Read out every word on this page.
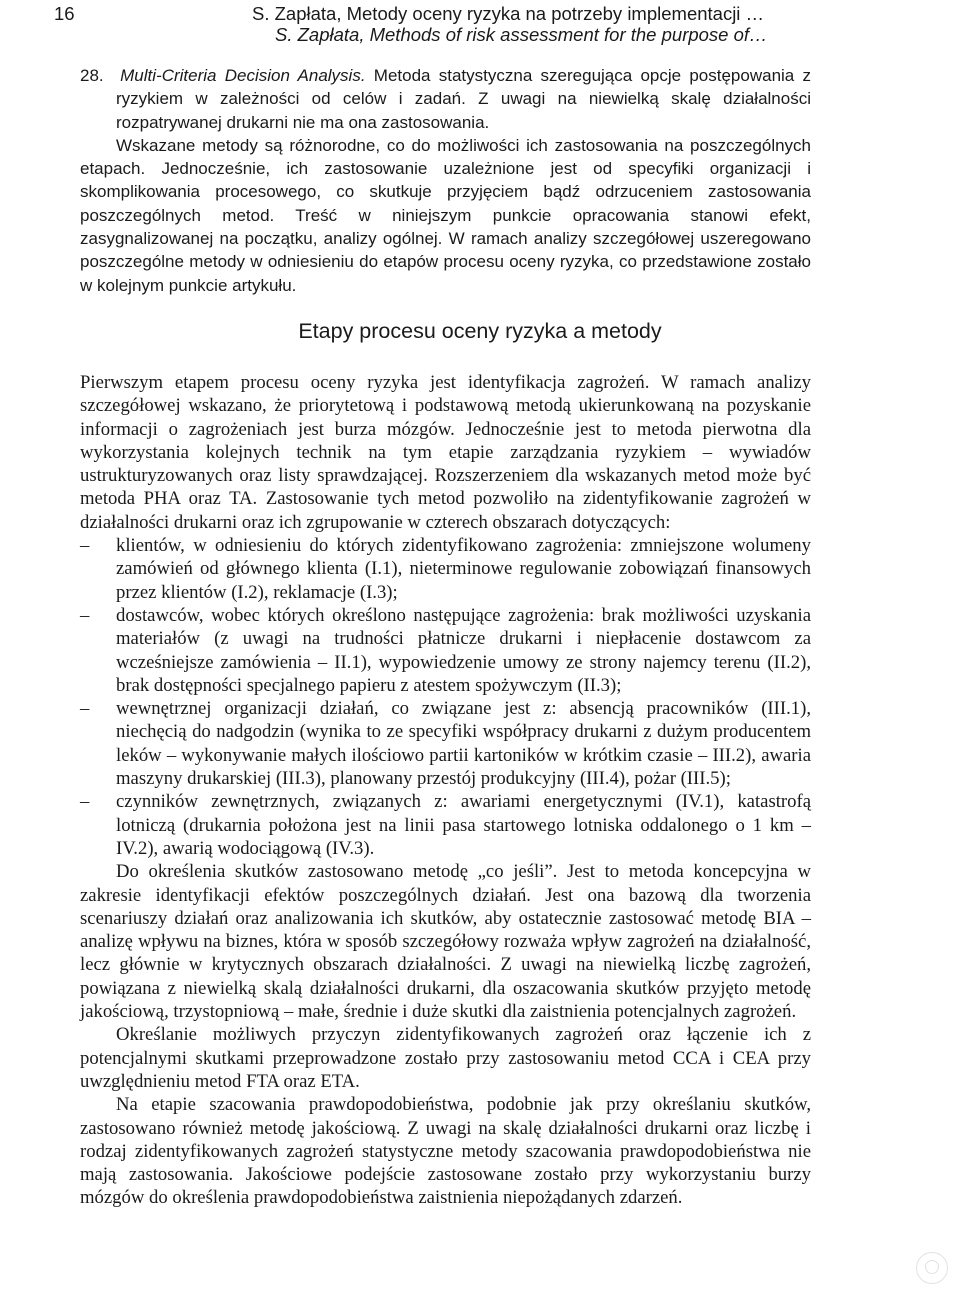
16	S. Zapłata, Metody oceny ryzyka na potrzeby implementacji …
S. Zapłata, Methods of risk assessment for the purpose of…

28. Multi-Criteria Decision Analysis. Metoda statystyczna szeregująca opcje postępowania z ryzykiem w zależności od celów i zadań. Z uwagi na niewielką skalę działalności rozpatrywanej drukarni nie ma ona zastosowania.

Wskazane metody są różnorodne, co do możliwości ich zastosowania na poszczególnych etapach. Jednocześnie, ich zastosowanie uzależnione jest od specyfiki organizacji i skomplikowania procesowego, co skutkuje przyjęciem bądź odrzuceniem zastosowania poszczególnych metod. Treść w niniejszym punkcie opracowania stanowi efekt, zasygnalizowanej na początku, analizy ogólnej. W ramach analizy szczegółowej uszeregowano poszczególne metody w odniesieniu do etapów procesu oceny ryzyka, co przedstawione zostało w kolejnym punkcie artykułu.

Etapy procesu oceny ryzyka a metody

Pierwszym etapem procesu oceny ryzyka jest identyfikacja zagrożeń. W ramach analizy szczegółowej wskazano, że priorytetową i podstawową metodą ukierunkowaną na pozyskanie informacji o zagrożeniach jest burza mózgów. Jednocześnie jest to metoda pierwotna dla wykorzystania kolejnych technik na tym etapie zarządzania ryzykiem – wywiadów ustrukturyzowanych oraz listy sprawdzającej. Rozszerzeniem dla wskazanych metod może być metoda PHA oraz TA. Zastosowanie tych metod pozwoliło na zidentyfikowanie zagrożeń w działalności drukarni oraz ich zgrupowanie w czterech obszarach dotyczących:

– klientów, w odniesieniu do których zidentyfikowano zagrożenia: zmniejszone wolumeny zamówień od głównego klienta (I.1), nieterminowe regulowanie zobowiązań finansowych przez klientów (I.2), reklamacje (I.3);
– dostawców, wobec których określono następujące zagrożenia: brak możliwości uzyskania materiałów (z uwagi na trudności płatnicze drukarni i niepłacenie dostawcom za wcześniejsze zamówienia – II.1), wypowiedzenie umowy ze strony najemcy terenu (II.2), brak dostępności specjalnego papieru z atestem spożywczym (II.3);
– wewnętrznej organizacji działań, co związane jest z: absencją pracowników (III.1), niechęcią do nadgodzin (wynika to ze specyfiki współpracy drukarni z dużym producentem leków – wykonywanie małych ilościowo partii kartoników w krótkim czasie – III.2), awaria maszyny drukarskiej (III.3), planowany przestój produkcyjny (III.4), pożar (III.5);
– czynników zewnętrznych, związanych z: awariami energetycznymi (IV.1), katastrofą lotniczą (drukarnia położona jest na linii pasa startowego lotniska oddalonego o 1 km – IV.2), awarią wodociągową (IV.3).

Do określenia skutków zastosowano metodę „co jeśli”. Jest to metoda koncepcyjna w zakresie identyfikacji efektów poszczególnych działań. Jest ona bazową dla tworzenia scenariuszy działań oraz analizowania ich skutków, aby ostatecznie zastosować metodę BIA – analizę wpływu na biznes, która w sposób szczegółowy rozważa wpływ zagrożeń na działalność, lecz głównie w krytycznych obszarach działalności. Z uwagi na niewielką liczbę zagrożeń, powiązana z niewielką skalą działalności drukarni, dla oszacowania skutków przyjęto metodę jakościową, trzystopniową – małe, średnie i duże skutki dla zaistnienia potencjalnych zagrożeń.

Określanie możliwych przyczyn zidentyfikowanych zagrożeń oraz łączenie ich z potencjalnymi skutkami przeprowadzone zostało przy zastosowaniu metod CCA i CEA przy uwzględnieniu metod FTA oraz ETA.

Na etapie szacowania prawdopodobieństwa, podobnie jak przy określaniu skutków, zastosowano również metodę jakościową. Z uwagi na skalę działalności drukarni oraz liczbę i rodzaj zidentyfikowanych zagrożeń statystyczne metody szacowania prawdopodobieństwa nie mają zastosowania. Jakościowe podejście zastosowane zostało przy wykorzystaniu burzy mózgów do określenia prawdopodobieństwa zaistnienia niepożądanych zdarzeń.
